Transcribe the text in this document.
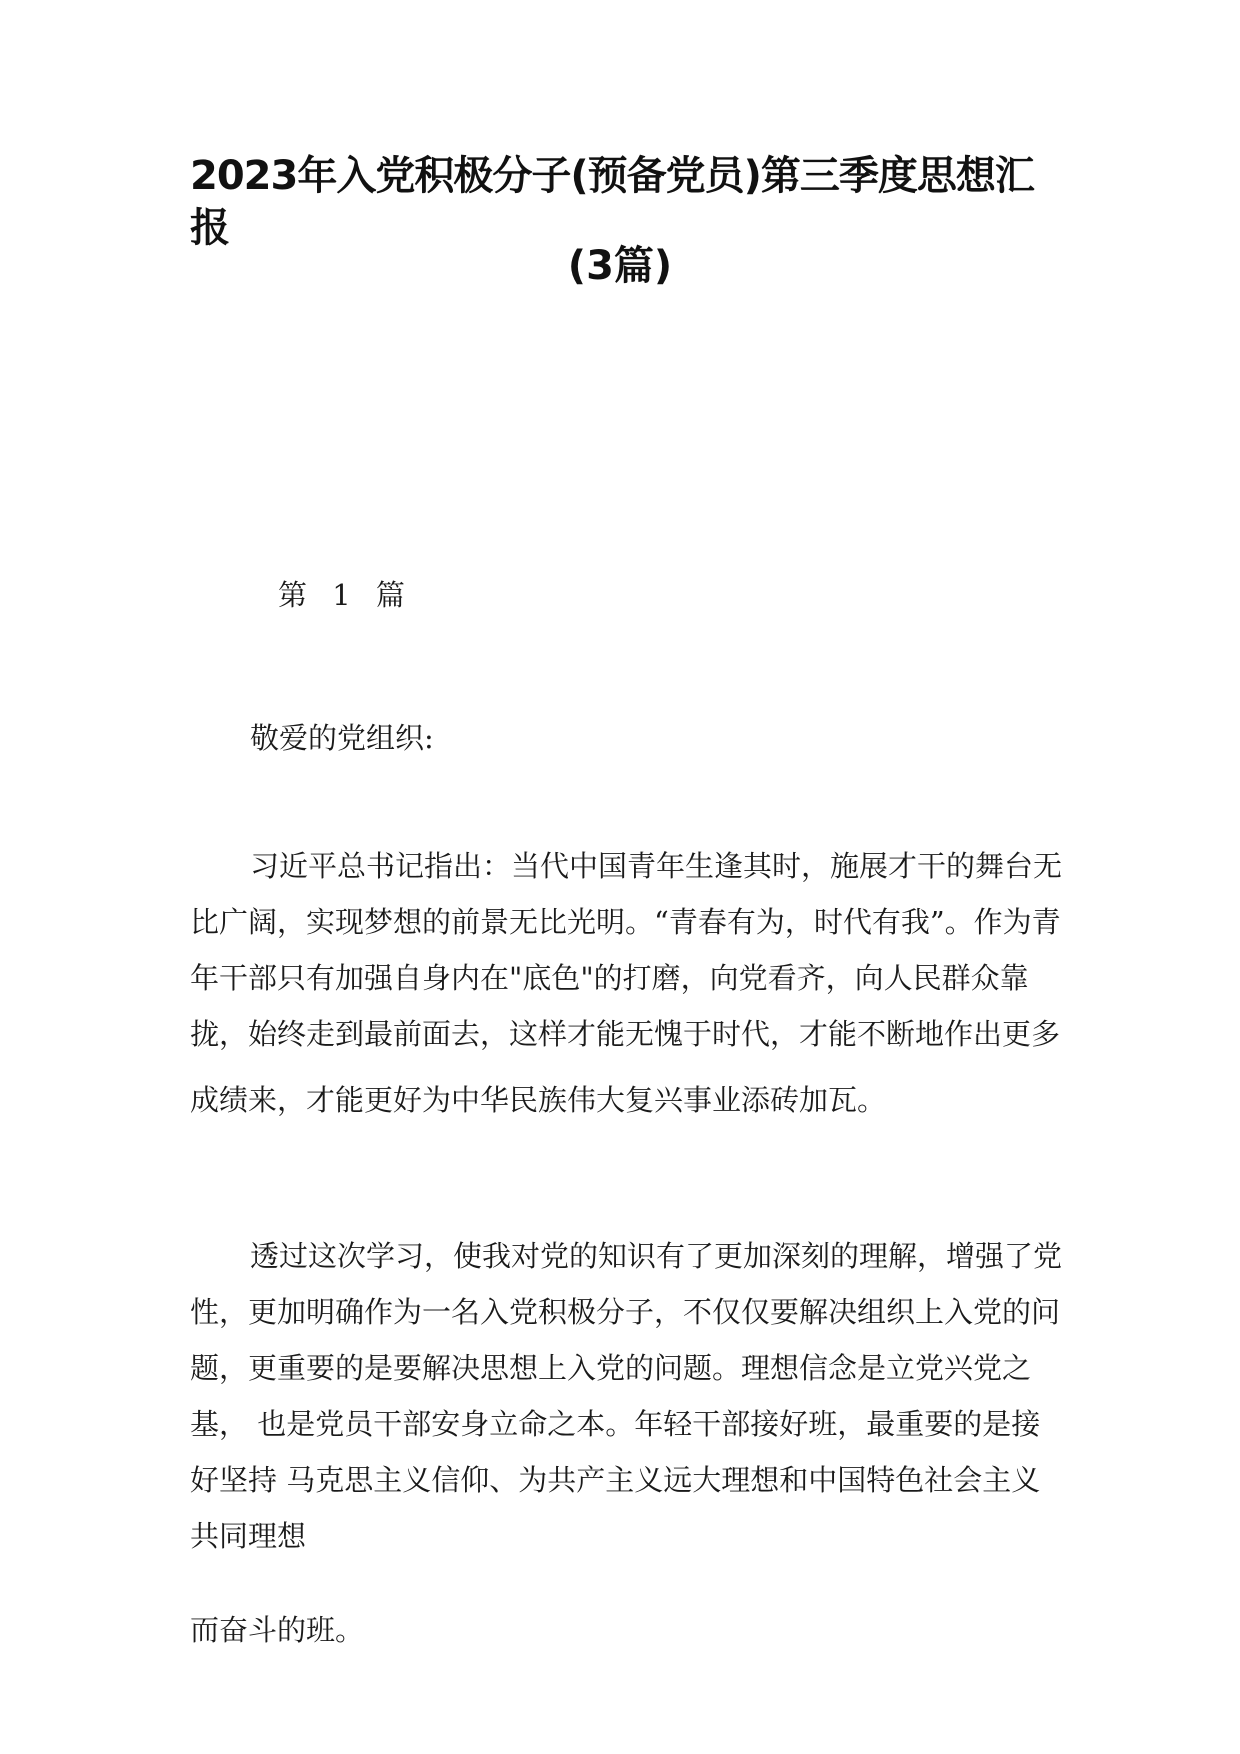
2023年入党积极分子(预备党员)第三季度思想汇报
(3篇)
第 1 篇
敬爱的党组织:
习近平总书记指出：当代中国青年生逢其时，施展才干的舞台无
比广阔，实现梦想的前景无比光明。“青春有为，时代有我”。作为青
年干部只有加强自身内在"底色"的打磨，向党看齐，向人民群众靠
拢，始终走到最前面去，这样才能无愧于时代，才能不断地作出更多
成绩来，才能更好为中华民族伟大复兴事业添砖加瓦。
透过这次学习，使我对党的知识有了更加深刻的理解，增强了党
性，更加明确作为一名入党积极分子，不仅仅要解决组织上入党的问
题，更重要的是要解决思想上入党的问题。理想信念是立党兴党之
基， 也是党员干部安身立命之本。年轻干部接好班，最重要的是接
好坚持 马克思主义信仰、为共产主义远大理想和中国特色社会主义
共同理想
而奋斗的班。
